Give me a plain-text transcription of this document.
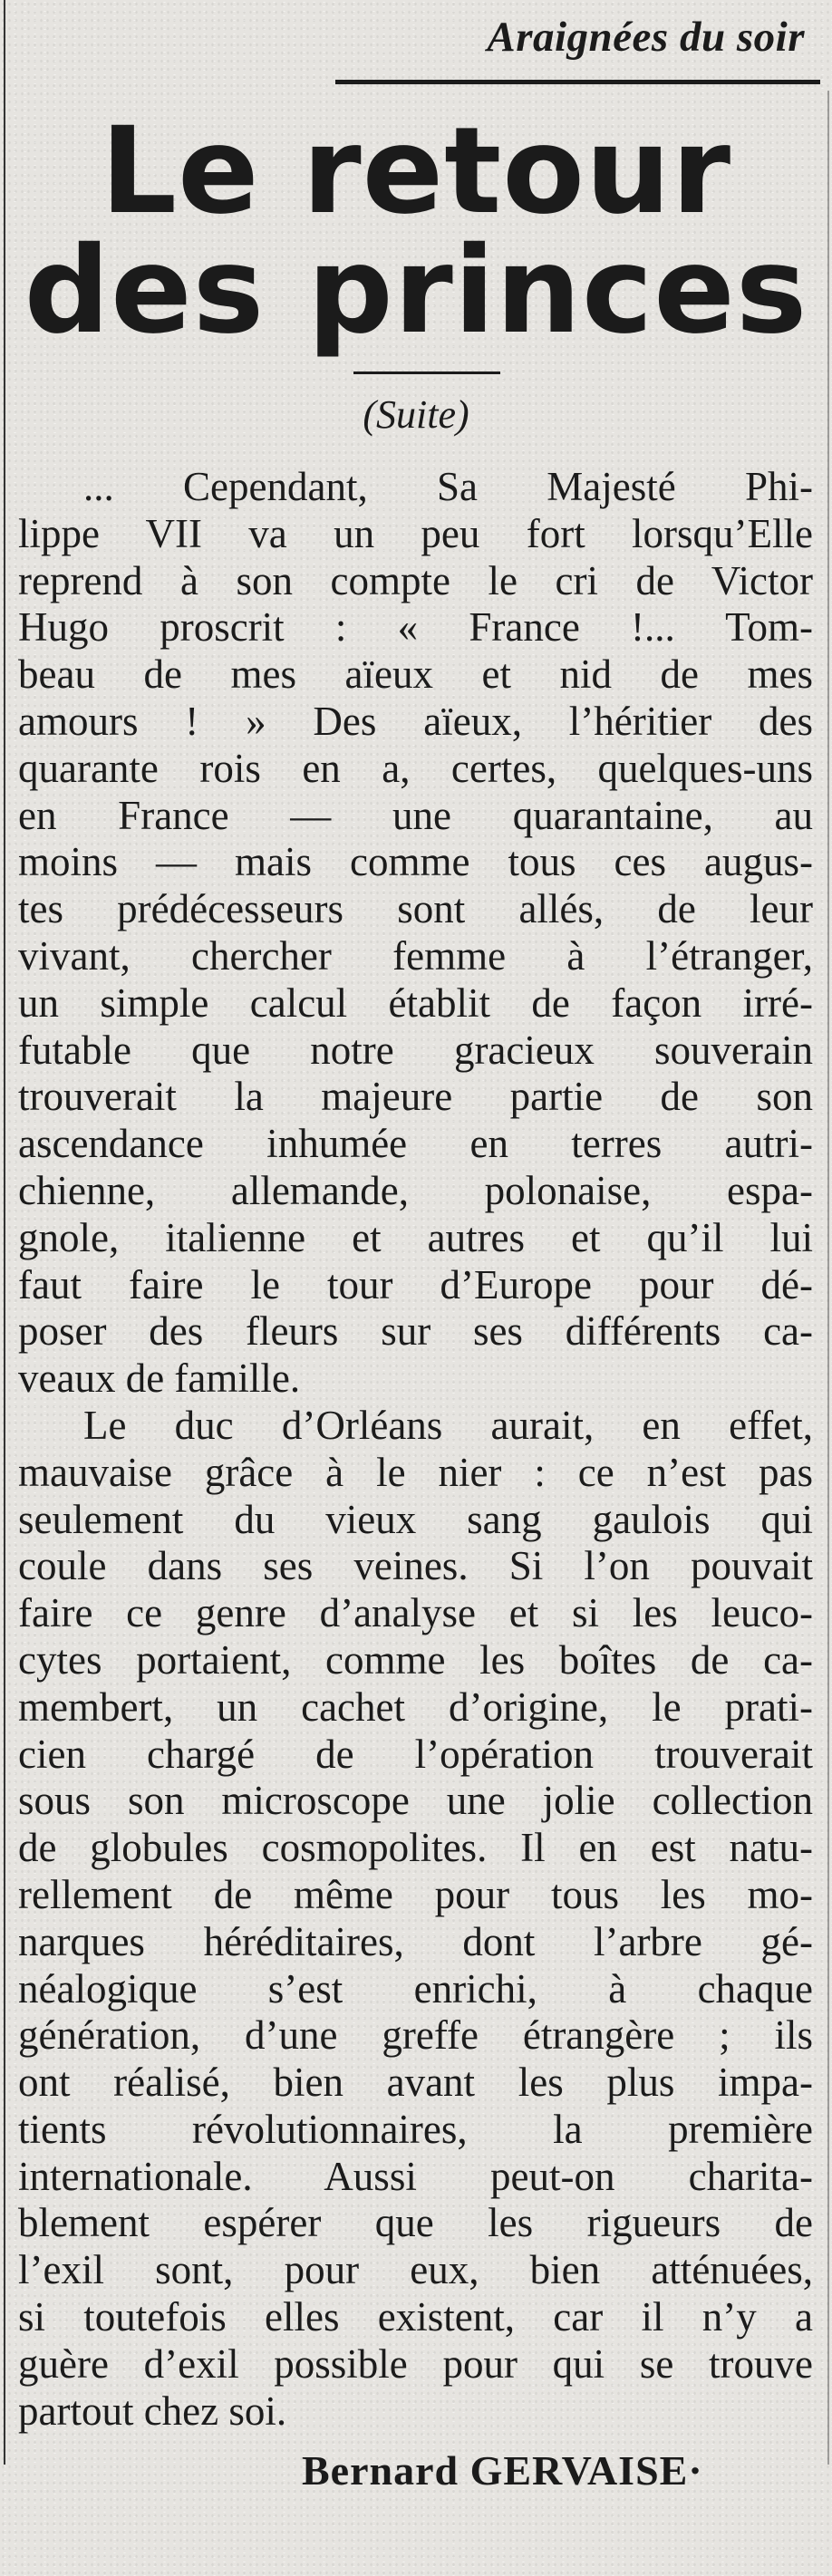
Araignées du soir
Le retour
des princes
(Suite)
... Cependant, Sa Majesté Phi-
lippe VII va un peu fort lorsqu’Elle
reprend à son compte le cri de Victor
Hugo proscrit : « France !... Tom-
beau de mes aïeux et nid de mes
amours ! » Des aïeux, l’héritier des
quarante rois en a, certes, quelques-uns
en France — une quarantaine, au
moins — mais comme tous ces augus-
tes prédécesseurs sont allés, de leur
vivant, chercher femme à l’étranger,
un simple calcul établit de façon irré-
futable que notre gracieux souverain
trouverait la majeure partie de son
ascendance inhumée en terres autri-
chienne, allemande, polonaise, espa-
gnole, italienne et autres et qu’il lui
faut faire le tour d’Europe pour dé-
poser des fleurs sur ses différents ca-
veaux de famille.
Le duc d’Orléans aurait, en effet,
mauvaise grâce à le nier : ce n’est pas
seulement du vieux sang gaulois qui
coule dans ses veines. Si l’on pouvait
faire ce genre d’analyse et si les leuco-
cytes portaient, comme les boîtes de ca-
membert, un cachet d’origine, le prati-
cien chargé de l’opération trouverait
sous son microscope une jolie collection
de globules cosmopolites. Il en est natu-
rellement de même pour tous les mo-
narques héréditaires, dont l’arbre gé-
néalogique s’est enrichi, à chaque
génération, d’une greffe étrangère ; ils
ont réalisé, bien avant les plus impa-
tients révolutionnaires, la première
internationale. Aussi peut-on charita-
blement espérer que les rigueurs de
l’exil sont, pour eux, bien atténuées,
si toutefois elles existent, car il n’y a
guère d’exil possible pour qui se trouve
partout chez soi.
Bernard GERVAISE·
